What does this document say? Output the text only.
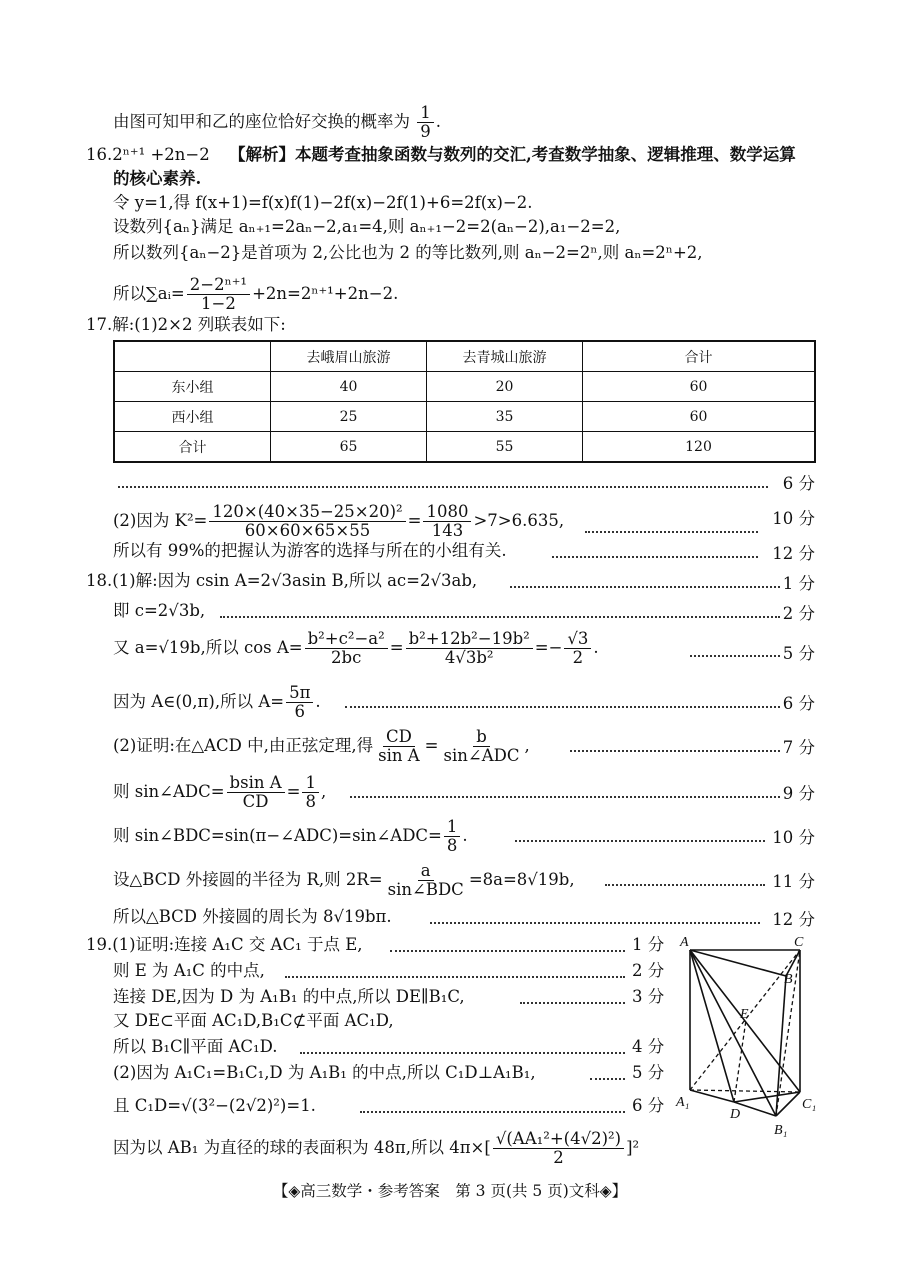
由图可知甲和乙的座位恰好交换的概率为 $\frac{1}{9}$ .
16.2ⁿ⁺¹ +2n−2 【解析】本题考查抽象函数与数列的交汇,考查数学抽象、逻辑推理、数学运算
的核心素养.
令 y=1,得 f(x+1)=f(x)f(1)−2f(x)−2f(1)+6=2f(x)−2.
设数列{aₙ}满足 aₙ₊₁=2aₙ−2,a₁=4,则 aₙ₊₁−2=2(aₙ−2),a₁−2=2,
所以数列{aₙ−2}是首项为 2,公比也为 2 的等比数列,则 aₙ−2=2ⁿ,则 aₙ=2ⁿ+2,
所以∑aᵢ= $\frac{\text{2−2ⁿ⁺¹}}{1-2} +2n=2^{n+1}+2n-2$.
17.解:(1)2×2 列联表如下:
	去峨眉山旅游	去青城山旅游	合计
东小组	40	20	60
西小组	25	35	60
合计	65	55	120
6 分
(2)因为 $K^2= \frac{\text{120×(40×35−25×20)²}}{60\times 60\times 65\times 55} = \frac{1080}{143} >7>6.635$,	10 分
所以有 99%的把握认为游客的选择与所在的小组有关.	12 分
18.(1)解:因为 csin A=2√3asin B,所以 ac=2√3ab,	1 分
即 c=2√3b,	2 分
又 a=√19b,所以 $\cos A= \frac{\text{b²+c²−a²}}{2bc} = \frac{\text{b²+12b²−19b²}}{\text{4√3b²}} =- \frac{√3}{2}$ .	5 分
因为 A∈(0,π),所以 $A= \frac{5\pi}{6}$ .	6 分
(2)证明:在△ACD 中,由正弦定理,得 $\frac{CD}{\text{sin A}} = \frac{b}{\text{sin∠ADC}}$ ,	7 分
则 sin∠ADC= $\frac{\text{bsin A}}{CD} = \frac{1}{8}$ ,	9 分
则 sin∠BDC=sin(π−∠ADC)=sin∠ADC= $\frac{1}{8}$ .	10 分
设△BCD 外接圆的半径为 R,则 $2R= \frac{a}{\text{sin∠BDC}} =8a=8√19b$,	11 分
所以△BCD 外接圆的周长为 8√19bπ.	12 分
19.(1)证明:连接 A₁C 交 AC₁ 于点 E,	1 分
则 E 为 A₁C 的中点,	2 分
连接 DE,因为 D 为 A₁B₁ 的中点,所以 DE∥B₁C,	3 分
又 DE⊂平面 AC₁D,B₁C⊄平面 AC₁D,
所以 B₁C∥平面 AC₁D.	4 分
(2)因为 A₁C₁=B₁C₁,D 为 A₁B₁ 的中点,所以 C₁D⊥A₁B₁,	5 分
且 C₁D=√(3²−(2√2)²)=1.	6 分
因为以 AB₁ 为直径的球的表面积为 48π,所以 $4\pi\times[ \frac{\text{√(AA₁²+(4√2)²)}}{2} ]^2$
A	C
B
E
A₁
D
C₁
B₁
【◈高三数学・参考答案　第 3 页(共 5 页)文科◈】
